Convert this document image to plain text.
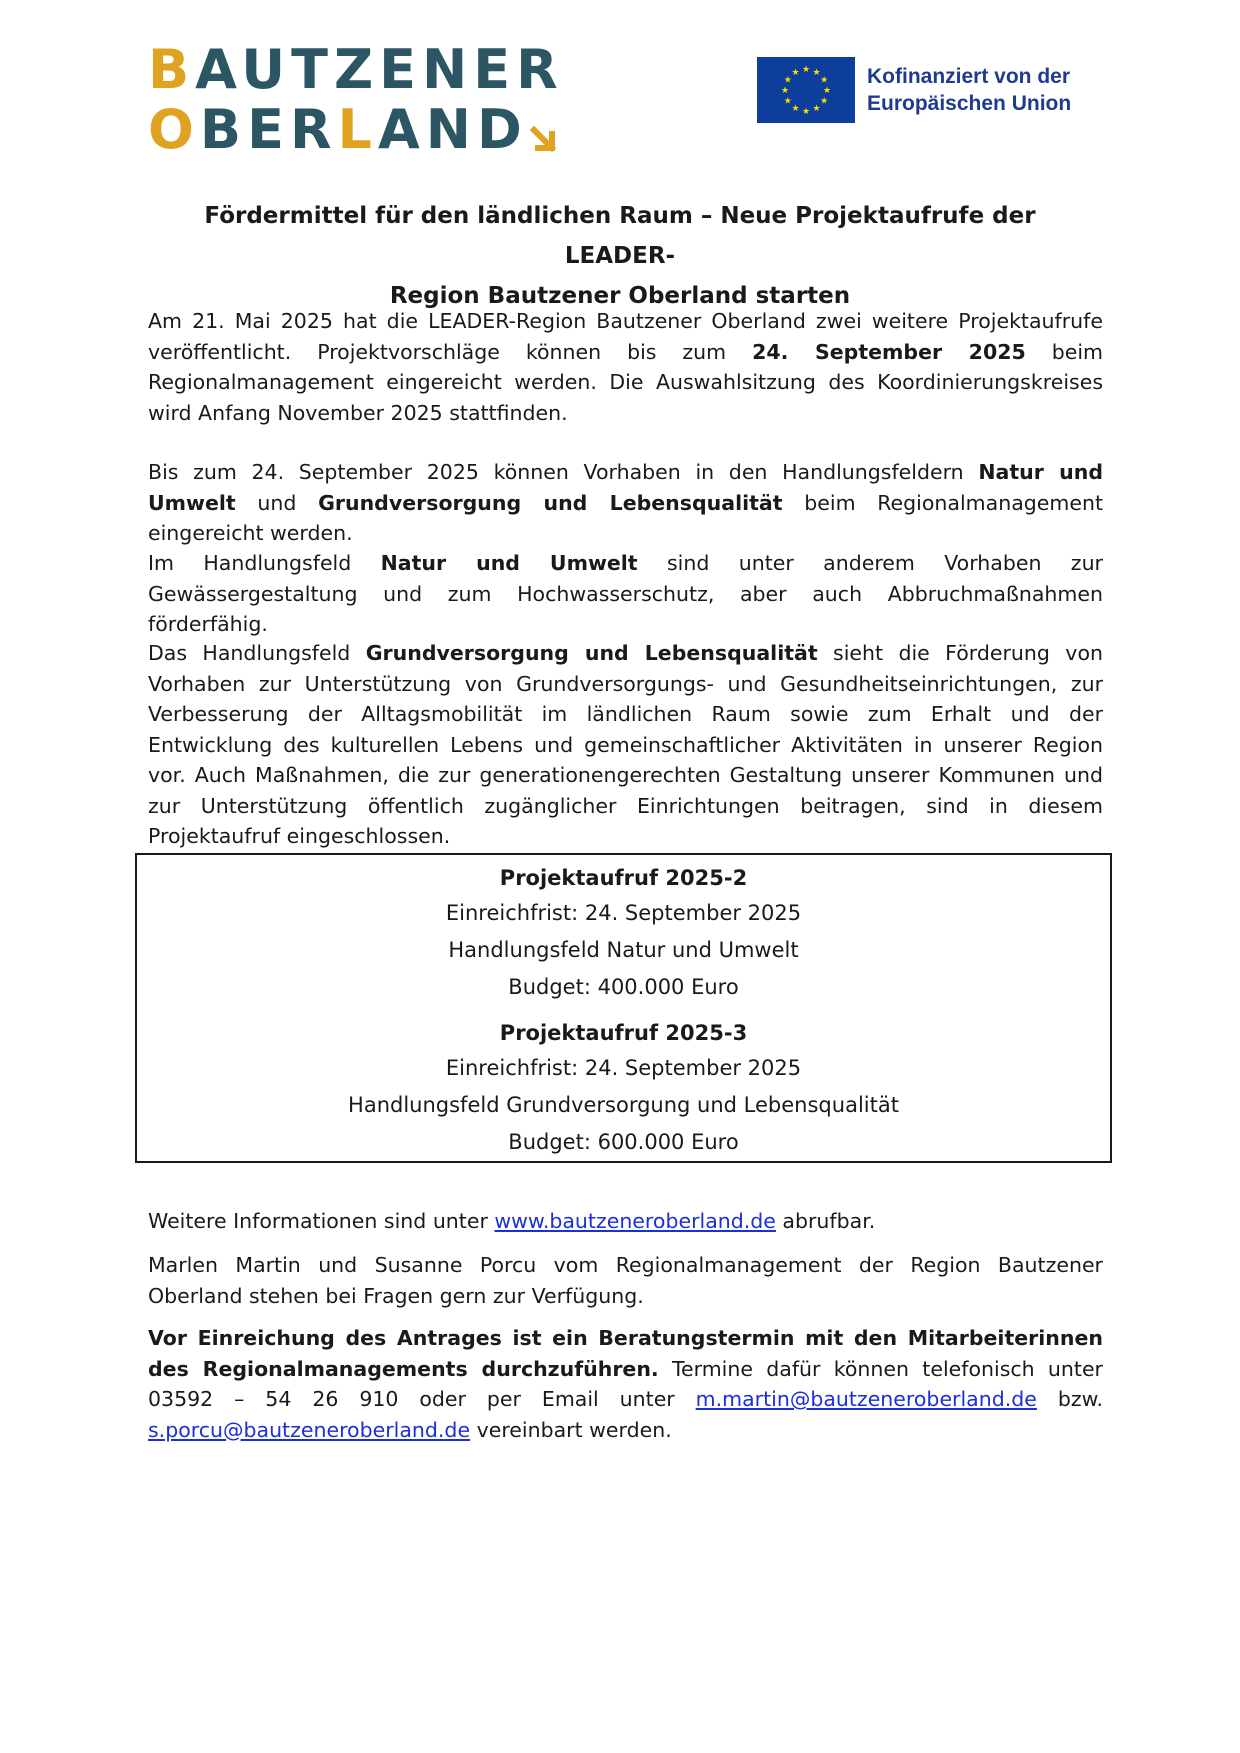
BAUTZENER
OBERLAND
★ ★
★
★
★
★
★
★
★
★
★
★	Kofinanziert von der
Europäischen Union
Fördermittel für den ländlichen Raum – Neue Projektaufrufe der LEADER-
Region Bautzener Oberland starten
Am 21. Mai 2025 hat die LEADER-Region Bautzener Oberland zwei weitere Projektaufrufe veröffentlicht. Projektvorschläge können bis zum 24. September 2025 beim Regionalmanagement eingereicht werden. Die Auswahlsitzung des Koordinierungskreises wird Anfang November 2025 stattfinden.
Bis zum 24. September 2025 können Vorhaben in den Handlungsfeldern Natur und Umwelt und Grundversorgung und Lebensqualität beim Regionalmanagement eingereicht werden.
Im Handlungsfeld Natur und Umwelt sind unter anderem Vorhaben zur Gewässergestaltung und zum Hochwasserschutz, aber auch Abbruchmaßnahmen förderfähig.
Das Handlungsfeld Grundversorgung und Lebensqualität sieht die Förderung von Vorhaben zur Unterstützung von Grundversorgungs- und Gesundheitseinrichtungen, zur Verbesserung der Alltagsmobilität im ländlichen Raum sowie zum Erhalt und der Entwicklung des kulturellen Lebens und gemeinschaftlicher Aktivitäten in unserer Region vor. Auch Maßnahmen, die zur generationengerechten Gestaltung unserer Kommunen und zur Unterstützung öffentlich zugänglicher Einrichtungen beitragen, sind in diesem Projektaufruf eingeschlossen.
Projektaufruf 2025-2
Einreichfrist: 24. September 2025
Handlungsfeld Natur und Umwelt
Budget: 400.000 Euro
Projektaufruf 2025-3
Einreichfrist: 24. September 2025
Handlungsfeld Grundversorgung und Lebensqualität
Budget: 600.000 Euro
Weitere Informationen sind unter www.bautzeneroberland.de abrufbar.
Marlen Martin und Susanne Porcu vom Regionalmanagement der Region Bautzener Oberland stehen bei Fragen gern zur Verfügung.
Vor Einreichung des Antrages ist ein Beratungstermin mit den Mitarbeiterinnen des Regionalmanagements durchzuführen. Termine dafür können telefonisch unter 03592 – 54 26 910 oder per Email unter m.martin@bautzeneroberland.de bzw. s.porcu@bautzeneroberland.de vereinbart werden.
